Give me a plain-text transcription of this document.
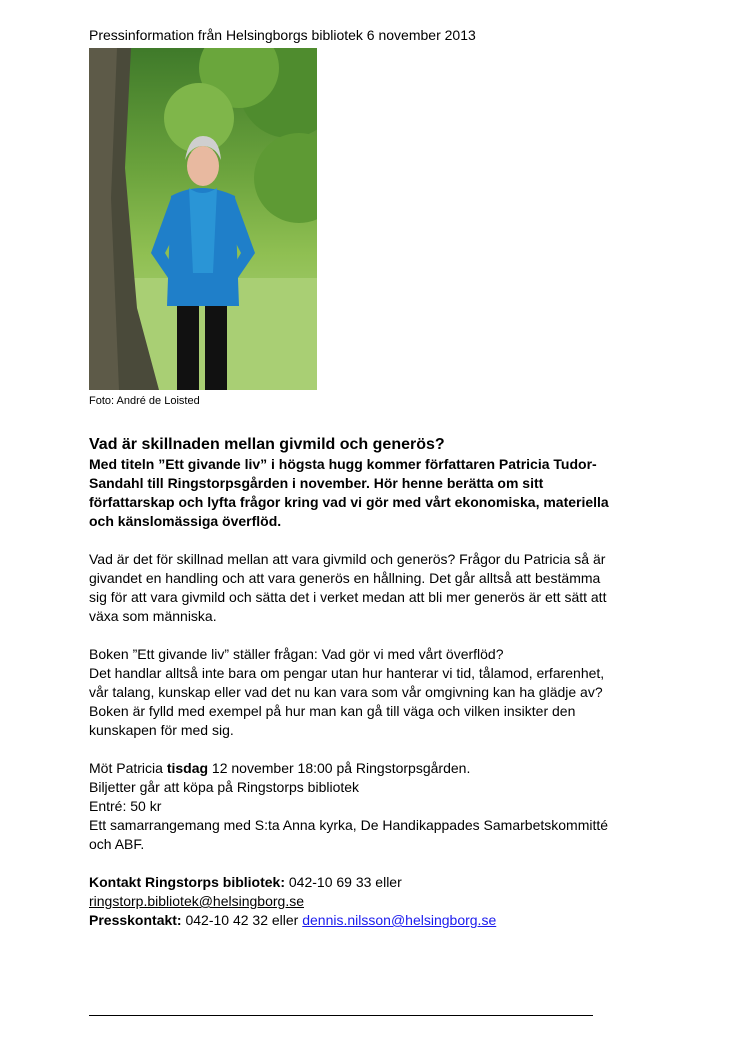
Pressinformation från Helsingborgs bibliotek 6 november 2013

Foto: André de Loisted
Vad är skillnaden mellan givmild och generös?
Med titeln ”Ett givande liv” i högsta hugg kommer författaren Patricia Tudor-
Sandahl till Ringstorpsgården i november. Hör henne berätta om sitt
författarskap och lyfta frågor kring vad vi gör med vårt ekonomiska, materiella
och känslomässiga överflöd.

Vad är det för skillnad mellan att vara givmild och generös? Frågor du Patricia så är

givandet en handling och att vara generös en hållning. Det går alltså att bestämma

sig för att vara givmild och sätta det i verket medan att bli mer generös är ett sätt att

växa som människa.

Boken ”Ett givande liv” ställer frågan: Vad gör vi med vårt överflöd?

Det handlar alltså inte bara om pengar utan hur hanterar vi tid, tålamod, erfarenhet,

vår talang, kunskap eller vad det nu kan vara som vår omgivning kan ha glädje av?

Boken är fylld med exempel på hur man kan gå till väga och vilken insikter den

kunskapen för med sig.

Möt Patricia tisdag 12 november 18:00 på Ringstorpsgården.

Biljetter går att köpa på Ringstorps bibliotek

Entré: 50 kr

Ett samarrangemang med S:ta Anna kyrka, De Handikappades Samarbetskommitté

och ABF.

Kontakt Ringstorps bibliotek: 042-10 69 33 eller

ringstorp.bibliotek@helsingborg.se

Presskontakt: 042-10 42 32 eller dennis.nilsson@helsingborg.se
